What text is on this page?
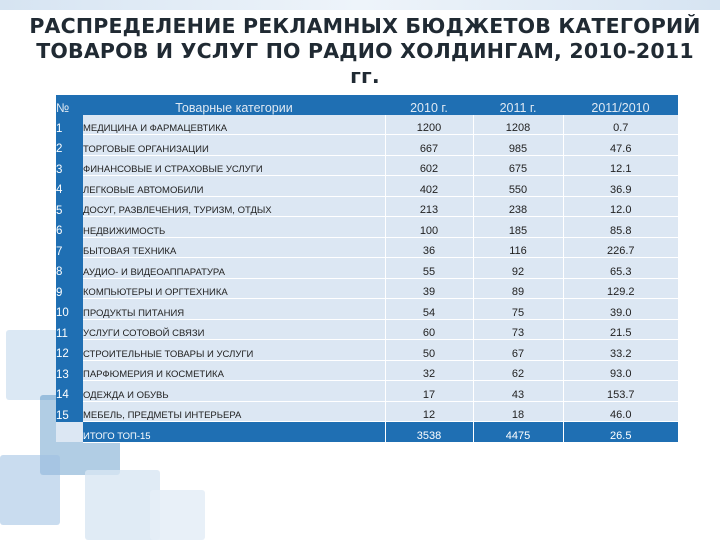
РАСПРЕДЕЛЕНИЕ РЕКЛАМНЫХ БЮДЖЕТОВ КАТЕГОРИЙ
ТОВАРОВ И УСЛУГ ПО РАДИО ХОЛДИНГАМ, 2010-2011 гг.
№	Товарные категории	2010 г.	2011 г.	2011/2010
1	МЕДИЦИНА И ФАРМАЦЕВТИКА	1200	1208	0.7
2	ТОРГОВЫЕ ОРГАНИЗАЦИИ	667	985	47.6
3	ФИНАНСОВЫЕ И СТРАХОВЫЕ УСЛУГИ	602	675	12.1
4	ЛЕГКОВЫЕ АВТОМОБИЛИ	402	550	36.9
5	ДОСУГ, РАЗВЛЕЧЕНИЯ, ТУРИЗМ, ОТДЫХ	213	238	12.0
6	НЕДВИЖИМОСТЬ	100	185	85.8
7	БЫТОВАЯ ТЕХНИКА	36	116	226.7
8	АУДИО- И ВИДЕОАППАРАТУРА	55	92	65.3
9	КОМПЬЮТЕРЫ И ОРГТЕХНИКА	39	89	129.2
10	ПРОДУКТЫ ПИТАНИЯ	54	75	39.0
11	УСЛУГИ СОТОВОЙ СВЯЗИ	60	73	21.5
12	СТРОИТЕЛЬНЫЕ ТОВАРЫ И УСЛУГИ	50	67	33.2
13	ПАРФЮМЕРИЯ И КОСМЕТИКА	32	62	93.0
14	ОДЕЖДА И ОБУВЬ	17	43	153.7
15	МЕБЕЛЬ, ПРЕДМЕТЫ ИНТЕРЬЕРА	12	18	46.0
	ИТОГО ТОП-15	3538	4475	26.5
